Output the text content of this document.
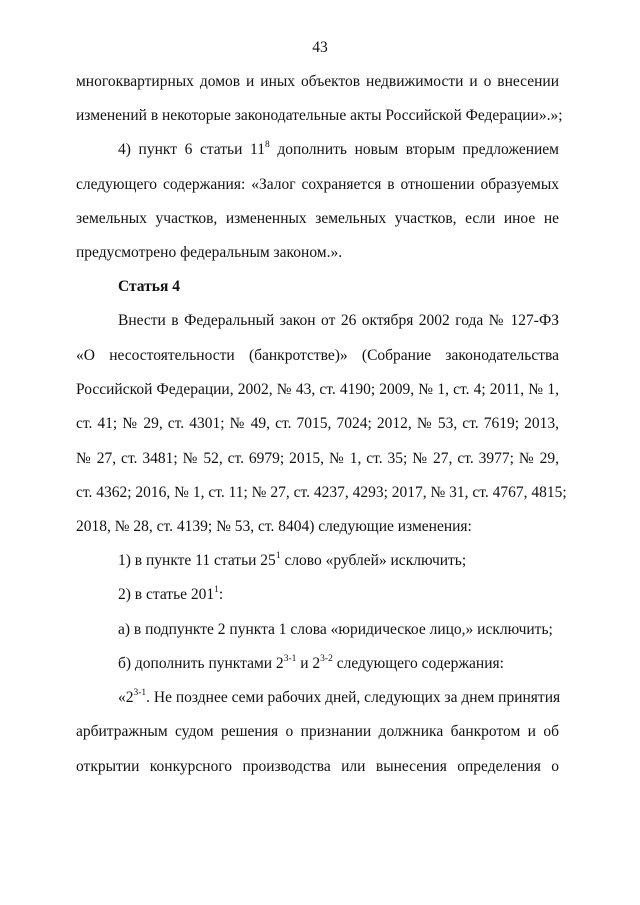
43
многоквартирных домов и иных объектов недвижимости и о внесении
изменений в некоторые законодательные акты Российской Федерации».»;
4) пункт 6 статьи $11^8$ дополнить новым вторым предложением
следующего содержания: «Залог сохраняется в отношении образуемых
земельных участков, измененных земельных участков, если иное не
предусмотрено федеральным законом.».
Статья 4
Внести в Федеральный закон от 26 октября 2002 года № 127-ФЗ
«О несостоятельности (банкротстве)» (Собрание законодательства
Российской Федерации, 2002, № 43, ст. 4190; 2009, № 1, ст. 4; 2011, № 1,
ст. 41; № 29, ст. 4301; № 49, ст. 7015, 7024; 2012, № 53, ст. 7619; 2013,
№ 27, ст. 3481; № 52, ст. 6979; 2015, № 1, ст. 35; № 27, ст. 3977; № 29,
ст. 4362; 2016, № 1, ст. 11; № 27, ст. 4237, 4293; 2017, № 31, ст. 4767, 4815;
2018, № 28, ст. 4139; № 53, ст. 8404) следующие изменения:
1) в пункте 11 статьи $25^1$ слово «рублей» исключить;
2) в статье $201^1$:
а) в подпункте 2 пункта 1 слова «юридическое лицо,» исключить;
б) дополнить пунктами 2$^{3-1}$ и 2$^{3-2}$ следующего содержания:
«2$^{3-1}$. Не позднее семи рабочих дней, следующих за днем принятия
арбитражным судом решения о признании должника банкротом и об
открытии конкурсного производства или вынесения определения о
